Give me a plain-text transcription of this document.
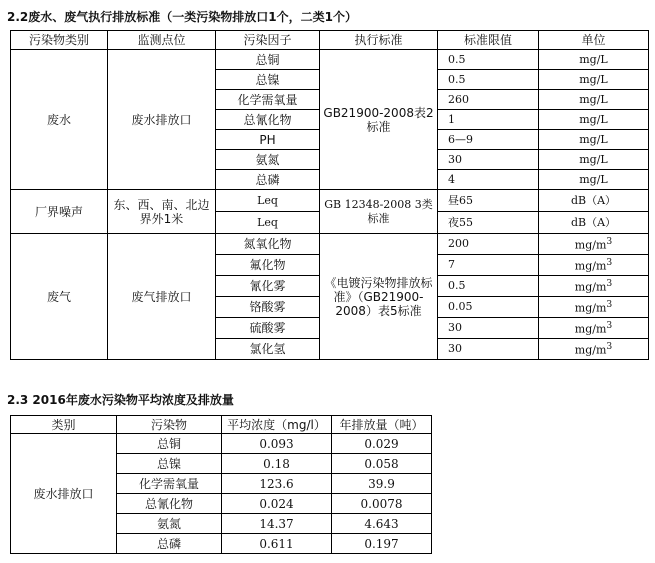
2.2废水、废气执行排放标准（一类污染物排放口1个，二类1个）
污染物类别	监测点位	污染因子	执行标准	标准限值	单位
废水	废水排放口	总铜	GB21900-2008表2标准	0.5	mg/L
		总镍		0.5	mg/L
		化学需氧量		260	mg/L
		总氰化物		1	mg/L
		PH		6—9	mg/L
		氨氮		30	mg/L
		总磷		4	mg/L
厂界噪声	东、西、南、北边界外1米	Leq	GB 12348-2008 3类标准	昼65	dB（A）
		Leq		夜55	dB（A）
废气	废气排放口	氮氧化物	《电镀污染物排放标准》（GB21900-2008）表5标准	200	$mg/m^3$
		氟化物		7	$mg/m^3$
		氰化雾		0.5	$mg/m^3$
		铬酸雾		0.05	$mg/m^3$
		硫酸雾		30	$mg/m^3$
		氯化氢		30	$mg/m^3$
2.3 2016年废水污染物平均浓度及排放量
类别	污染物	平均浓度（mg/l）	年排放量（吨）
废水排放口	总铜	0.093	0.029
	总镍	0.18	0.058
	化学需氧量	123.6	39.9
	总氰化物	0.024	0.0078
	氨氮	14.37	4.643
	总磷	0.611	0.197
